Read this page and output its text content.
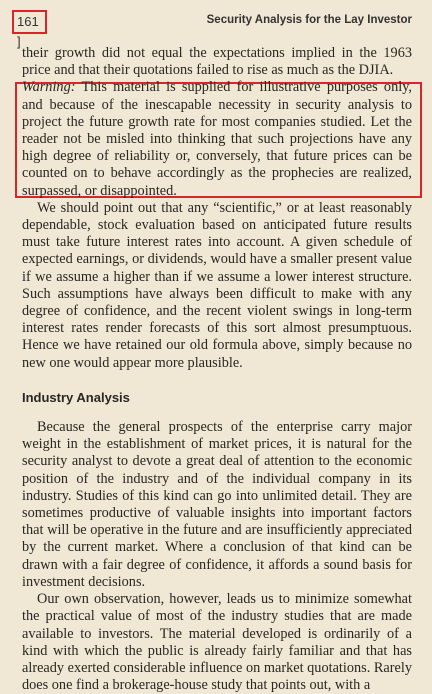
161 ]
Security Analysis for the Lay Investor

their growth did not equal the expectations implied in the 1963 price and that their quotations failed to rise as much as the DJIA.

Warning: This material is supplied for illustrative purposes only, and because of the inescapable necessity in security analysis to project the future growth rate for most companies studied. Let the reader not be misled into thinking that such projections have any high degree of reliability or, conversely, that future prices can be counted on to behave accordingly as the prophecies are realized, surpassed, or disappointed.

We should point out that any “scientific,” or at least reasonably dependable, stock evaluation based on anticipated future results must take future interest rates into account. A given schedule of expected earnings, or dividends, would have a smaller present value if we assume a higher than if we assume a lower interest structure. Such assumptions have always been difficult to make with any degree of confidence, and the recent violent swings in long-term interest rates render forecasts of this sort almost presumptuous. Hence we have retained our old formula above, simply because no new one would appear more plausible.

Industry Analysis

Because the general prospects of the enterprise carry major weight in the establishment of market prices, it is natural for the security analyst to devote a great deal of attention to the economic position of the industry and of the individual company in its industry. Studies of this kind can go into unlimited detail. They are sometimes productive of valuable insights into important factors that will be operative in the future and are insufficiently appreciated by the current market. Where a conclusion of that kind can be drawn with a fair degree of confidence, it affords a sound basis for investment decisions.

Our own observation, however, leads us to minimize somewhat the practical value of most of the industry studies that are made available to investors. The material developed is ordinarily of a kind with which the public is already fairly familiar and that has already exerted considerable influence on market quotations. Rarely does one find a brokerage-house study that points out, with a
